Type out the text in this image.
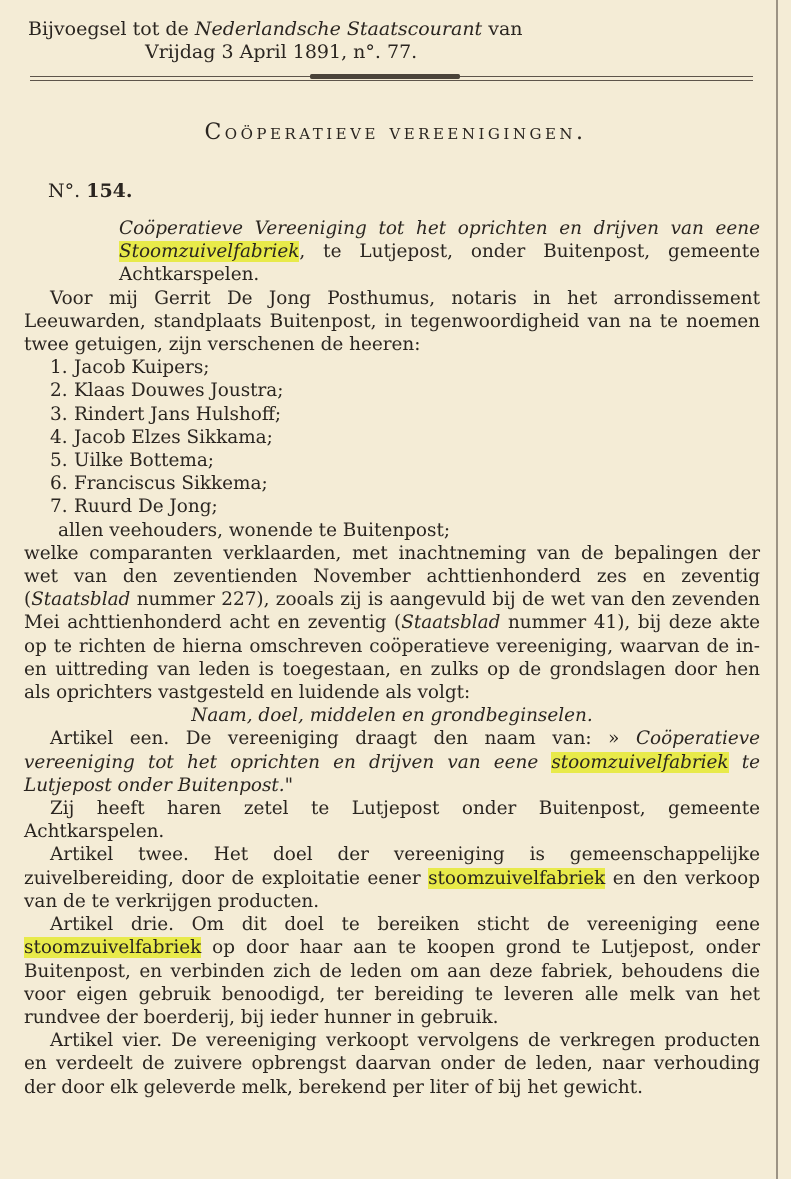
Bijvoegsel tot de Nederlandsche Staatscourant van
Vrijdag 3 April 1891, n°. 77.
Coöperatieve vereenigingen.
N°. 154.

Coöperatieve Vereeniging tot het oprichten en drijven van eene Stoomzuivelfabriek, te Lutjepost, onder Buitenpost, gemeente Achtkarspelen.

Voor mij Gerrit De Jong Posthumus, notaris in het arrondissement Leeuwarden, standplaats Buitenpost, in tegenwoordigheid van na te noemen twee getuigen, zijn verschenen de heeren:

1. Jacob Kuipers;

2. Klaas Douwes Joustra;

3. Rindert Jans Hulshoff;

4. Jacob Elzes Sikkama;

5. Uilke Bottema;

6. Franciscus Sikkema;

7. Ruurd De Jong;

allen veehouders, wonende te Buitenpost;

welke comparanten verklaarden, met inachtneming van de bepalingen der wet van den zeventienden November achttienhonderd zes en zeventig (Staatsblad nummer 227), zooals zij is aangevuld bij de wet van den zevenden Mei achttienhonderd acht en zeventig (Staatsblad nummer 41), bij deze akte op te richten de hierna omschreven coöperatieve vereeniging, waarvan de in- en uittreding van leden is toegestaan, en zulks op de grondslagen door hen als oprichters vastgesteld en luidende als volgt:

Naam, doel, middelen en grondbeginselen.

Artikel een. De vereeniging draagt den naam van: » Coöperatieve vereeniging tot het oprichten en drijven van eene stoomzuivelfabriek te Lutjepost onder Buitenpost."

Zij heeft haren zetel te Lutjepost onder Buitenpost, gemeente Achtkarspelen.

Artikel twee. Het doel der vereeniging is gemeenschappelijke zuivelbereiding, door de exploitatie eener stoomzuivelfabriek en den verkoop van de te verkrijgen producten.

Artikel drie. Om dit doel te bereiken sticht de vereeniging eene stoomzuivelfabriek op door haar aan te koopen grond te Lutjepost, onder Buitenpost, en verbinden zich de leden om aan deze fabriek, behoudens die voor eigen gebruik benoodigd, ter bereiding te leveren alle melk van het rundvee der boerderij, bij ieder hunner in gebruik.

Artikel vier. De vereeniging verkoopt vervolgens de verkregen producten en verdeelt de zuivere opbrengst daarvan onder de leden, naar verhouding der door elk geleverde melk, berekend per liter of bij het gewicht.
